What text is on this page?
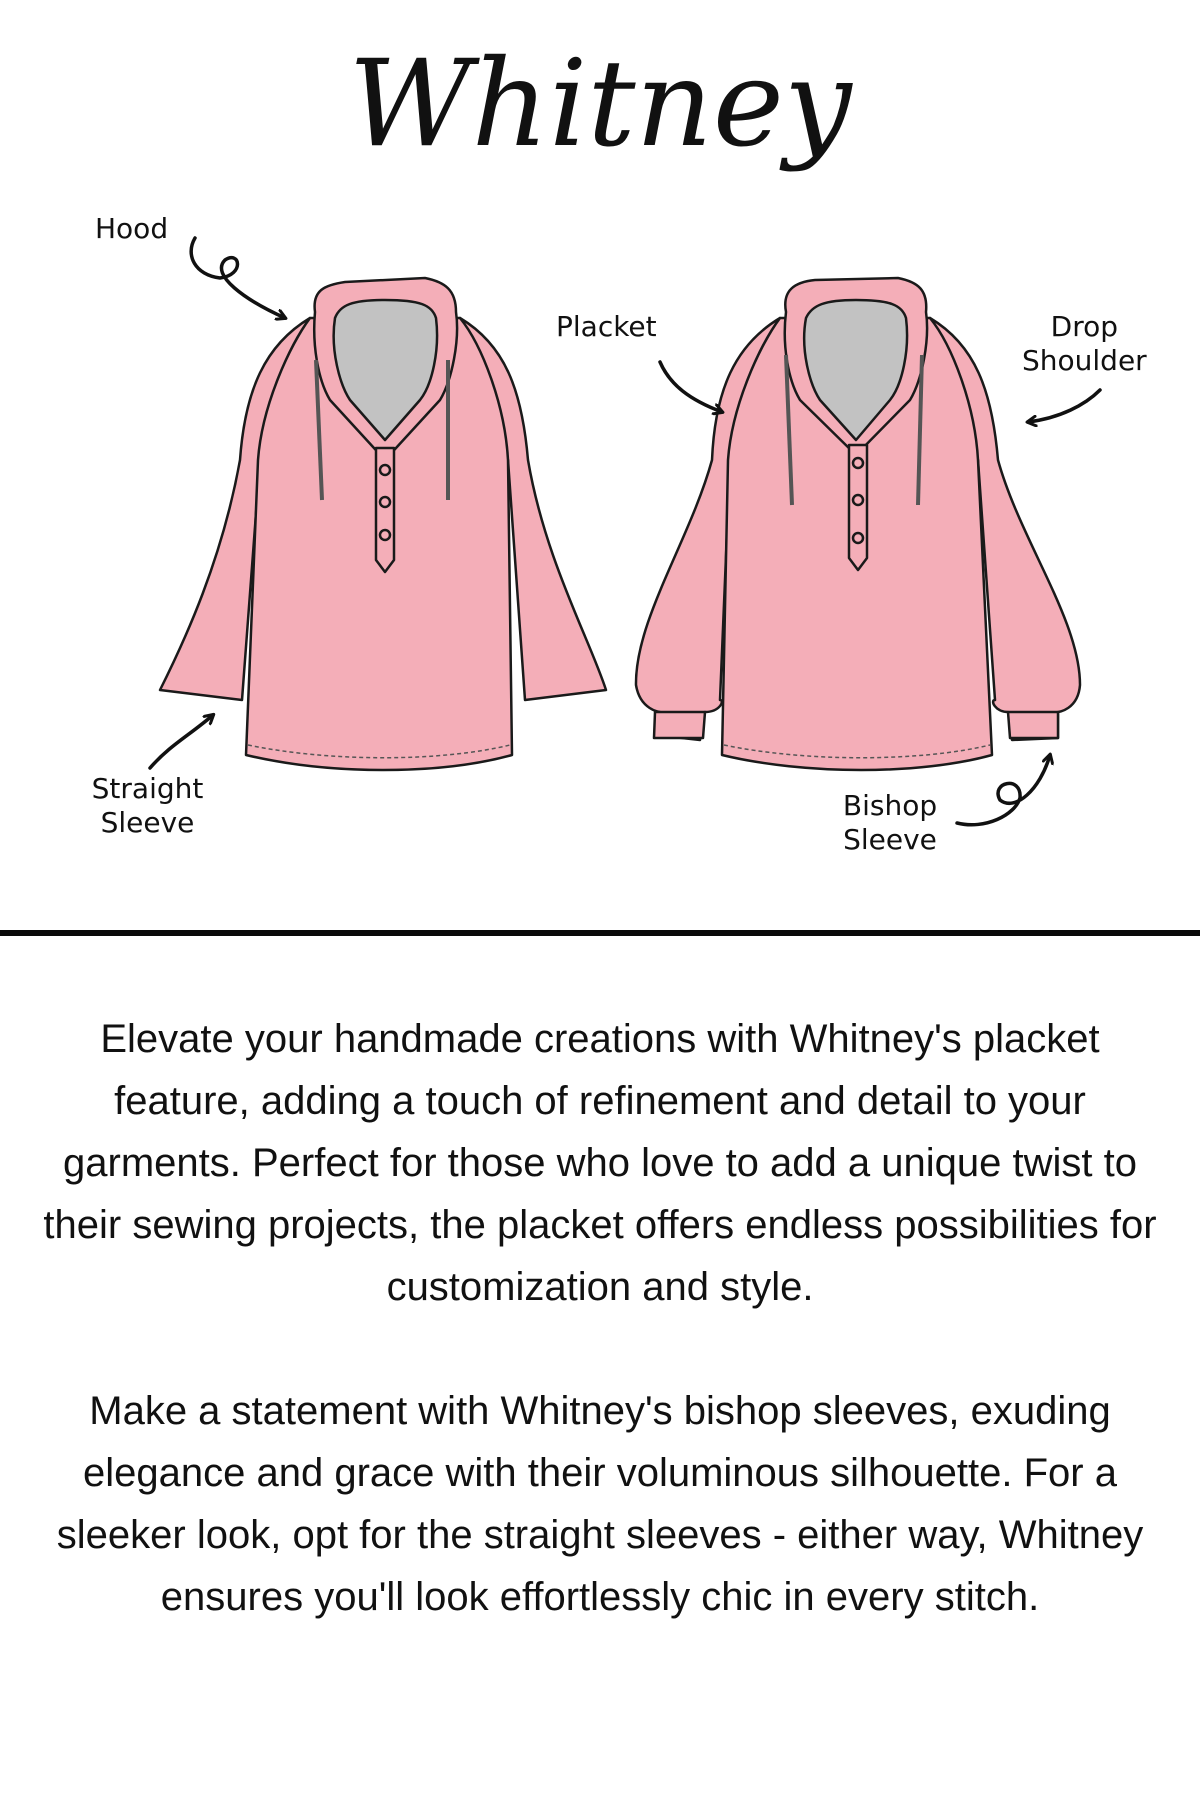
Whitney
Hood
Placket	Drop
Shoulder
Straight
Sleeve
Bishop
Sleeve

Elevate your handmade creations with Whitney's placket feature, adding a touch of refinement and detail to your garments. Perfect for those who love to add a unique twist to their sewing projects, the placket offers endless possibilities for customization and style.

Make a statement with Whitney's bishop sleeves, exuding elegance and grace with their voluminous silhouette. For a sleeker look, opt for the straight sleeves - either way, Whitney ensures you'll look effortlessly chic in every stitch.
